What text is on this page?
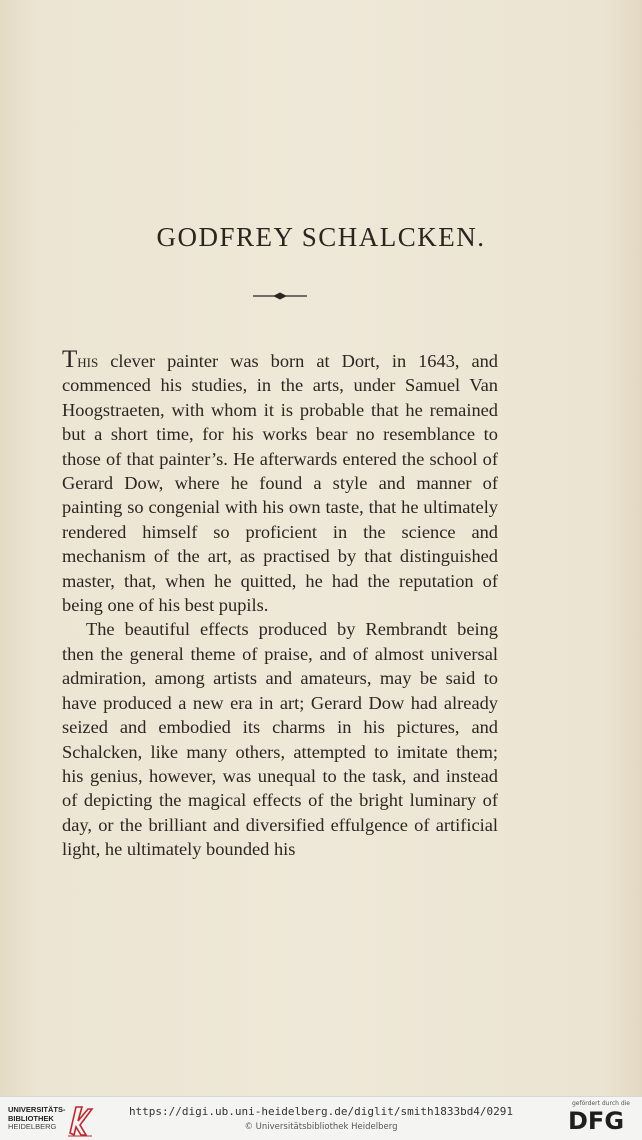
GODFREY SCHALCKEN.

This clever painter was born at Dort, in 1643, and commenced his studies, in the arts, under Samuel Van Hoogstraeten, with whom it is probable that he remained but a short time, for his works bear no resemblance to those of that painter’s. He afterwards entered the school of Gerard Dow, where he found a style and manner of painting so congenial with his own taste, that he ultimately rendered himself so proficient in the science and mechanism of the art, as practised by that distinguished master, that, when he quitted, he had the reputation of being one of his best pupils.

The beautiful effects produced by Rembrandt being then the general theme of praise, and of almost universal admiration, among artists and amateurs, may be said to have produced a new era in art; Gerard Dow had already seized and embodied its charms in his pictures, and Schalcken, like many others, attempted to imitate them; his genius, however, was unequal to the task, and instead of depicting the magical effects of the bright luminary of day, or the brilliant and diversified effulgence of artificial light, he ultimately bounded his

UNIVERSITÄTS-
BIBLIOTHEK
HEIDELBERG
https://digi.ub.uni-heidelberg.de/diglit/smith1833bd4/0291
© Universitätsbibliothek Heidelberg
gefördert durch die
DFG
